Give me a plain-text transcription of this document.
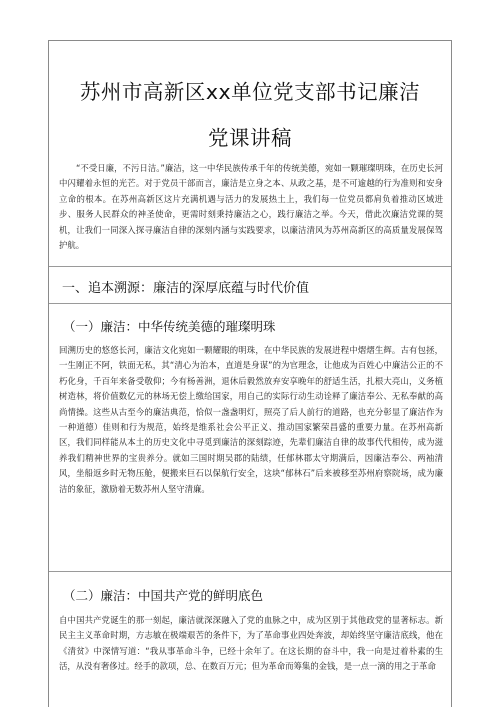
苏州市高新区xx单位党支部书记廉洁
党课讲稿
“不受日廉，不污日洁。”廉洁，这一中华民族传承千年的传统美德，宛如一颗璀璨明珠，在历史长河中闪耀着永恒的光芒。对于党员干部而言，廉洁是立身之本、从政之基，是不可逾越的行为准则和安身立命的根本。在苏州高新区这片充满机遇与活力的发展热土上，我们每一位党员都肩负着推动区域进步、服务人民群众的神圣使命，更需时刻秉持廉洁之心，践行廉洁之举。今天，借此次廉洁党课的契机，让我们一同深入探寻廉洁自律的深刻内涵与实践要求，以廉洁清风为苏州高新区的高质量发展保驾护航。
一、追本溯源：廉洁的深厚底蕴与时代价值
（一）廉洁：中华传统美德的璀璨明珠
回溯历史的悠悠长河，廉洁文化宛如一颗耀眼的明珠，在中华民族的发展进程中熠熠生辉。古有包拯，一生刚正不阿，铁面无私，其“清心为治本，直道是身谋”的为官理念，让他成为百姓心中廉洁公正的不朽化身，千百年来备受敬仰；今有杨善洲，退休后毅然放弃安享晚年的舒适生活，扎根大亮山，义务植树造林，将价值数亿元的林场无偿上缴给国家，用自己的实际行动生动诠释了廉洁奉公、无私奉献的高尚情操。这些从古至今的廉洁典范，恰似一盏盏明灯，照亮了后人前行的道路，也充分彰显了廉洁作为一种道德）佳则和行为规范，始终是维系社会公平正义、推动国家繁荣昌盛的重要力量。在苏州高新区，我们同样能从本土的历史文化中寻觅到廉洁的深刻踪迹，先辈们廉洁自律的故事代代相传，成为滋养我们精神世界的宝贵养分。就如三国时期吴郡的陆绩，任郁林郡太守期满后，因廉洁奉公、两袖清风，坐船返乡时无物压舱，便搬来巨石以保航行安全，这块“郁林石”后来被移至苏州府察院场，成为廉洁的象征，激励着无数苏州人坚守清廉。
（二）廉洁：中国共产党的鲜明底色
自中国共产党诞生的那一刻起，廉洁就深深融入了党的血脉之中，成为区别于其他政党的显著标志。新民主主义革命时期，方志敏在极端艰苦的条件下，为了革命事业四处奔波，却始终坚守廉洁底线，他在《清贫》中深情写道：“我从事革命斗争，已经十余年了。在这长期的奋斗中，我一向是过着朴素的生活，从没有奢侈过。经手的款项，总、在数百万元；但为革命而筹集的金钱，是一点一滴的用之于革命
